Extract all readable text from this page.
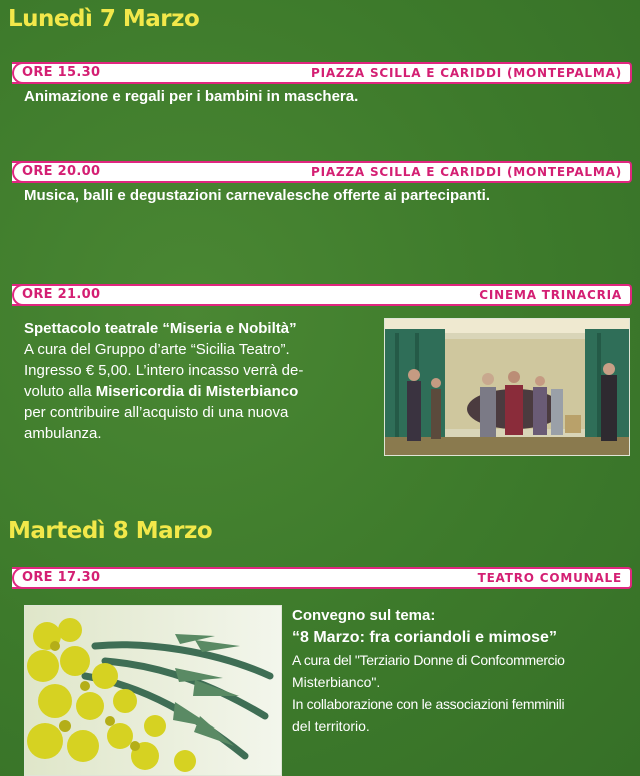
Lunedì 7 Marzo
ORE 15.30	PIAZZA SCILLA E CARIDDI (MONTEPALMA)

Animazione e regali per i bambini in maschera.

ORE 20.00	PIAZZA SCILLA E CARIDDI (MONTEPALMA)

Musica, balli e degustazioni carnevalesche offerte ai partecipanti.

ORE 21.00	CINEMA TRINACRIA
Spettacolo teatrale “Miseria e Nobiltà”
A cura del Gruppo d’arte “Sicilia Teatro”.
Ingresso € 5,00. L’intero incasso verrà de-
voluto alla Misericordia di Misterbianco
per contribuire all’acquisto di una nuova
ambulanza.
Martedì 8 Marzo
ORE 17.30	TEATRO COMUNALE
Convegno sul tema:
“8 Marzo: fra coriandoli e mimose”
A cura del "Terziario Donne di Confcommercio
Misterbianco".
In collaborazione con le associazioni femminili
del territorio.
